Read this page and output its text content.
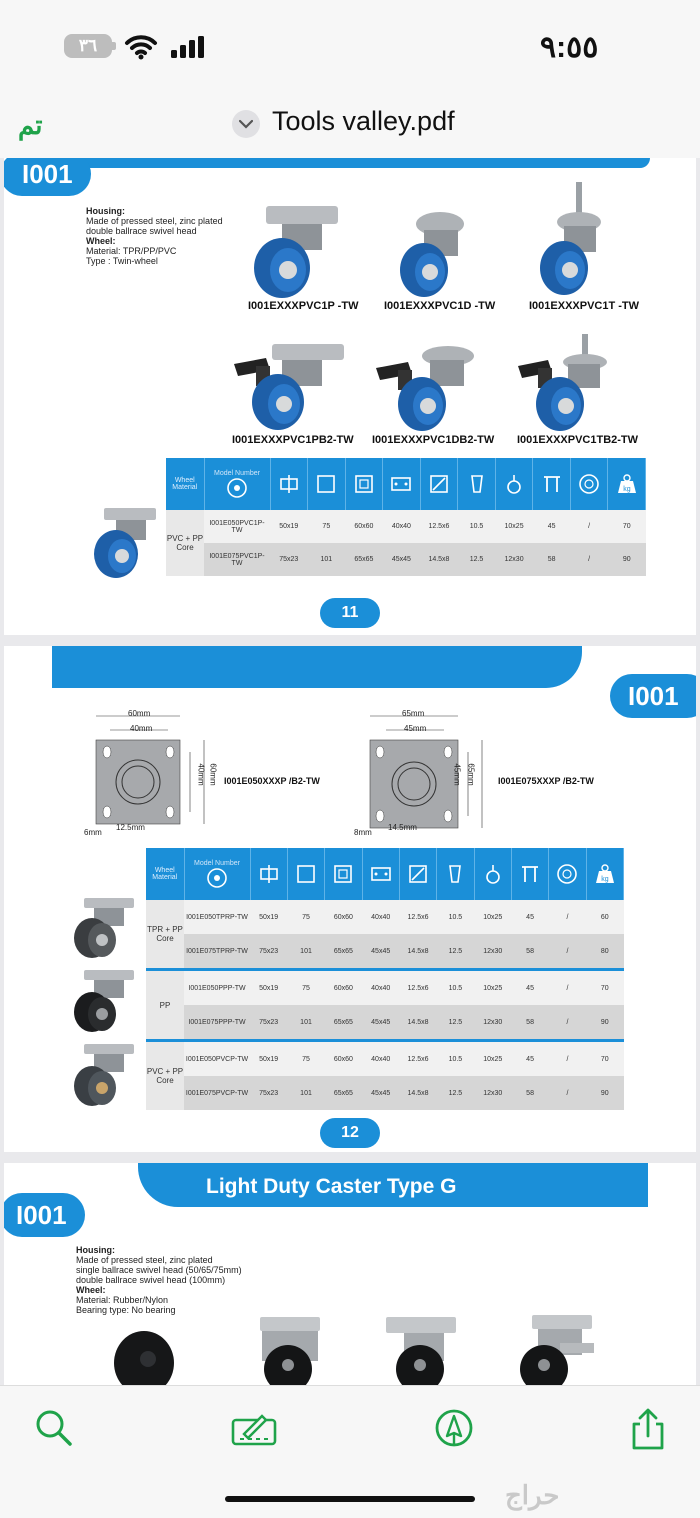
٣٦	٩:٥٥
تم	Tools valley.pdf
I001
Housing:
Made of pressed steel, zinc plated
double ballrace swivel head
Wheel:
Material: TPR/PP/PVC
Type : Twin-wheel
I001EXXXPVC1P -TW I001EXXXPVC1D -TW	I001EXXXPVC1T -TW
I001EXXXPVC1PB2-TW I001EXXXPVC1DB2-TW I001EXXXPVC1TB2-TW
Wheel Material	Model Number										kg

PVC + PP Core	I001E050PVC1P-TW	50x19	75	60x60	40x40	12.5x6	10.5	10x25	45	/	70
	I001E075PVC1P-TW	75x23	101	65x65	45x45	14.5x8	12.5	12x30	58	/	90
11
I001
60mm
40mm
40mm 60mm
6mm
12.5mm
I001E050XXXP /B2-TW
65mm
45mm
45mm 65mm
8mm
14.5mm
I001E075XXXP /B2-TW
Wheel Material	Model Number										kg

TPR + PP Core	I001E050TPRP-TW	50x19	75	60x60	40x40	12.5x6	10.5	10x25	45	/	60
	I001E075TPRP-TW	75x23	101	65x65	45x45	14.5x8	12.5	12x30	58	/	80

PP	I001E050PPP-TW	50x19	75	60x60	40x40	12.5x6	10.5	10x25	45	/	70
	I001E075PPP-TW	75x23	101	65x65	45x45	14.5x8	12.5	12x30	58	/	90

PVC + PP Core	I001E050PVCP-TW	50x19	75	60x60	40x40	12.5x6	10.5	10x25	45	/	70
	I001E075PVCP-TW	75x23	101	65x65	45x45	14.5x8	12.5	12x30	58	/	90
12
Light Duty Caster Type G
I001
Housing:
Made of pressed steel, zinc plated
single ballrace swivel head (50/65/75mm)
double ballrace swivel head (100mm)
Wheel:
Material: Rubber/Nylon
Bearing type: No bearing
حراج
